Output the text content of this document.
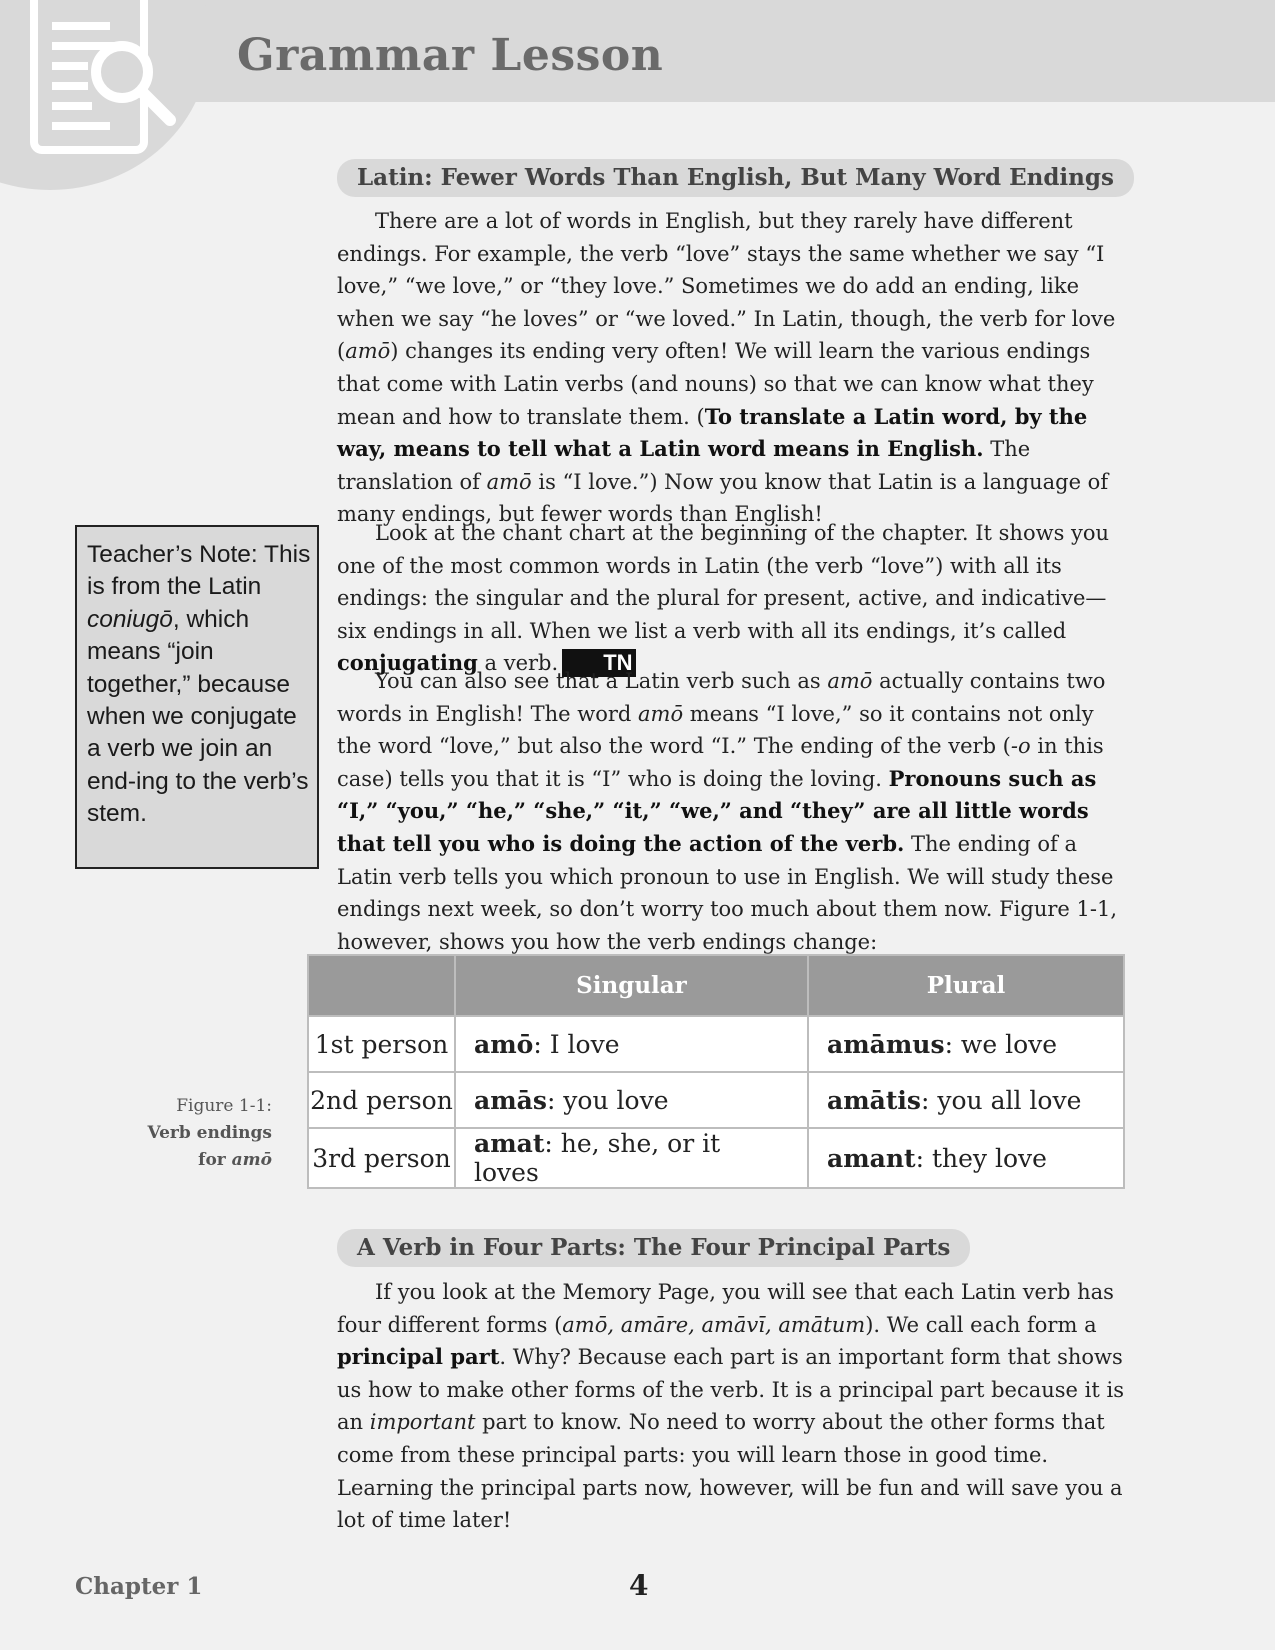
Grammar Lesson
Latin: Fewer Words Than English, But Many Word Endings

There are a lot of words in English, but they rarely have different endings. For example, the verb “love” stays the same whether we say “I love,” “we love,” or “they love.” Sometimes we do add an ending, like when we say “he loves” or “we loved.” In Latin, though, the verb for love (amō) changes its ending very often! We will learn the various endings that come with Latin verbs (and nouns) so that we can know what they mean and how to translate them. (To translate a Latin word, by the way, means to tell what a Latin word means in English. The translation of amō is “I love.”) Now you know that Latin is a language of many endings, but fewer words than English!

Look at the chant chart at the beginning of the chapter. It shows you one of the most common words in Latin (the verb “love”) with all its endings: the singular and the plural for present, active, and indicative—six endings in all. When we list a verb with all its endings, it’s called conjugating a verb. TN

You can also see that a Latin verb such as amō actually contains two words in English! The word amō means “I love,” so it contains not only the word “love,” but also the word “I.” The ending of the verb (-o in this case) tells you that it is “I” who is doing the loving. Pronouns such as “I,” “you,” “he,” “she,” “it,” “we,” and “they” are all little words that tell you who is doing the action of the verb. The ending of a Latin verb tells you which pronoun to use in English. We will study these endings next week, so don’t worry too much about them now. Figure 1-1, however, shows you how the verb endings change:

Teacher’s Note: This is from the Latin coniugō, which means “join together,” because when we conjugate a verb we join an end-ing to the verb’s stem.
Figure 1-1:
Verb endings
for amō
	Singular	Plural
1st person	amō: I love	amāmus: we love
2nd person	amās: you love	amātis: you all love
3rd person	amat: he, she, or it loves	amant: they love
A Verb in Four Parts: The Four Principal Parts

If you look at the Memory Page, you will see that each Latin verb has four different forms (amō, amāre, amāvī, amātum). We call each form a principal part. Why? Because each part is an important form that shows us how to make other forms of the verb. It is a principal part because it is an important part to know. No need to worry about the other forms that come from these principal parts: you will learn those in good time. Learning the principal parts now, however, will be fun and will save you a lot of time later!

Chapter 1	4
